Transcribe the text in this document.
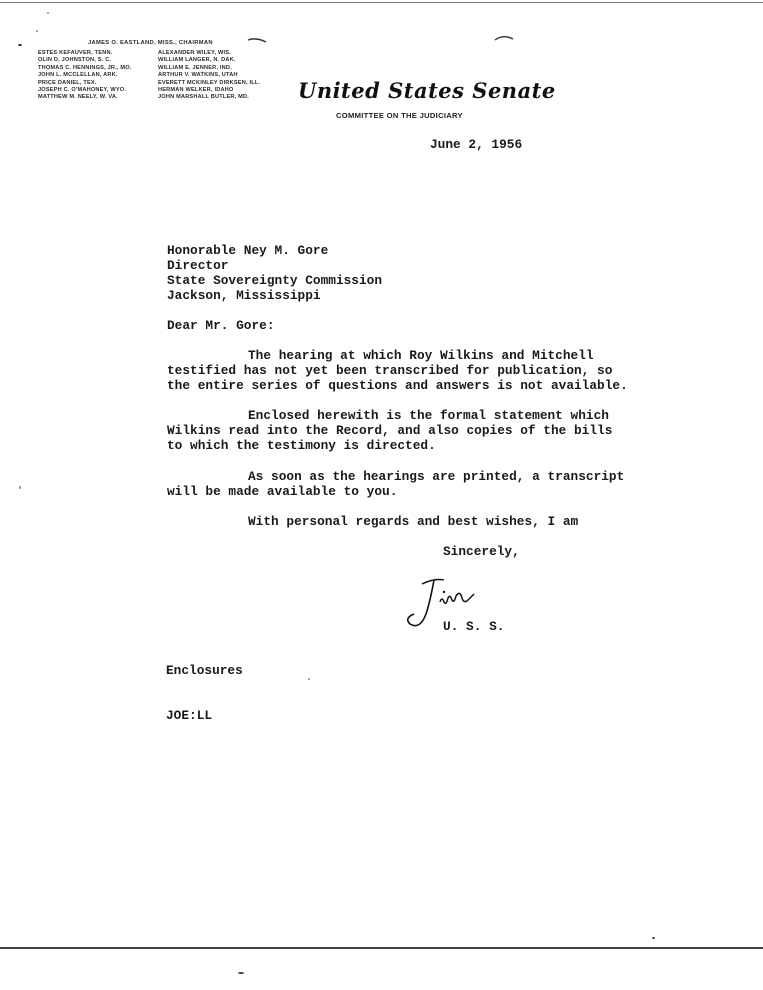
JAMES O. EASTLAND, MISS., CHAIRMAN
ESTES KEFAUVER, TENN.
OLIN D. JOHNSTON, S. C.
THOMAS C. HENNINGS, JR., MO.
JOHN L. MCCLELLAN, ARK.
PRICE DANIEL, TEX.
JOSEPH C. O'MAHONEY, WYO.
MATTHEW M. NEELY, W. VA.
ALEXANDER WILEY, WIS.
WILLIAM LANGER, N. DAK.
WILLIAM E. JENNER, IND.
ARTHUR V. WATKINS, UTAH
EVERETT MCKINLEY DIRKSEN, ILL.
HERMAN WELKER, IDAHO
JOHN MARSHALL BUTLER, MD.	United States Senate
COMMITTEE ON THE JUDICIARY
June 2, 1956
Honorable Ney M. Gore
Director
State Sovereignty Commission
Jackson, Mississippi
Dear Mr. Gore:
The hearing at which Roy Wilkins and Mitchell
testified has not yet been transcribed for publication, so
the entire series of questions and answers is not available.
Enclosed herewith is the formal statement which
Wilkins read into the Record, and also copies of the bills
to which the testimony is directed.
As soon as the hearings are printed, a transcript
will be made available to you.
With personal regards and best wishes, I am
Sincerely,
U. S. S.
Enclosures
JOE:LL
